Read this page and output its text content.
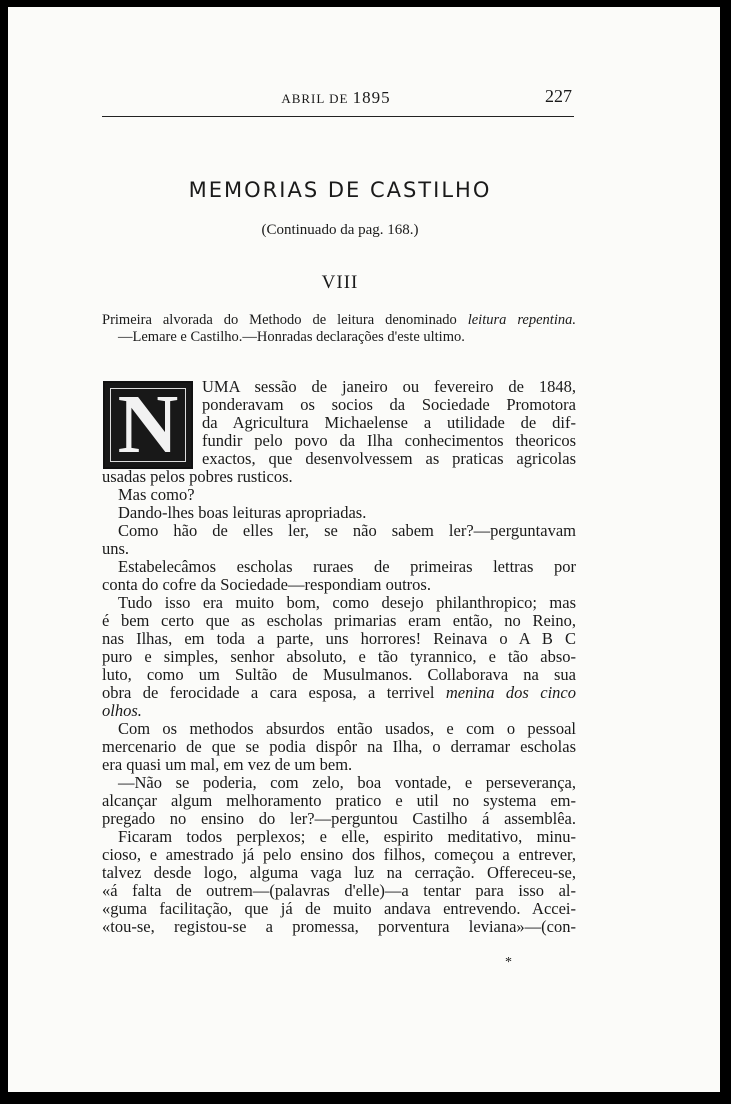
ABRIL DE 1895	227
MEMORIAS DE CASTILHO
(Continuado da pag. 168.)
VIII
Primeira alvorada do Methodo de leitura denominado leitura repentina.
—Lemare e Castilho.—Honradas declarações d'este ultimo.
N	UMA sessão de janeiro ou fevereiro de 1848,
ponderavam os socios da Sociedade Promotora
da Agricultura Michaelense a utilidade de dif-
fundir pelo povo da Ilha conhecimentos theoricos
exactos, que desenvolvessem as praticas agricolas
usadas pelos pobres rusticos.
Mas como?
Dando-lhes boas leituras apropriadas.
Como hão de elles ler, se não sabem ler?—perguntavam
uns.
Estabelecâmos escholas ruraes de primeiras lettras por
conta do cofre da Sociedade—respondiam outros.
Tudo isso era muito bom, como desejo philanthropico; mas
é bem certo que as escholas primarias eram então, no Reino,
nas Ilhas, em toda a parte, uns horrores! Reinava o A B C
puro e simples, senhor absoluto, e tão tyrannico, e tão abso-
luto, como um Sultão de Musulmanos. Collaborava na sua
obra de ferocidade a cara esposa, a terrivel menina dos cinco
olhos.
Com os methodos absurdos então usados, e com o pessoal
mercenario de que se podia dispôr na Ilha, o derramar escholas
era quasi um mal, em vez de um bem.
—Não se poderia, com zelo, boa vontade, e perseverança,
alcançar algum melhoramento pratico e util no systema em-
pregado no ensino do ler?—perguntou Castilho á assemblêa.
Ficaram todos perplexos; e elle, espirito meditativo, minu-
cioso, e amestrado já pelo ensino dos filhos, começou a entrever,
talvez desde logo, alguma vaga luz na cerração. Offereceu-se,
«á falta de outrem—(palavras d'elle)—a tentar para isso al-
«guma facilitação, que já de muito andava entrevendo. Accei-
«tou-se, registou-se a promessa, porventura leviana»—(con-
*
